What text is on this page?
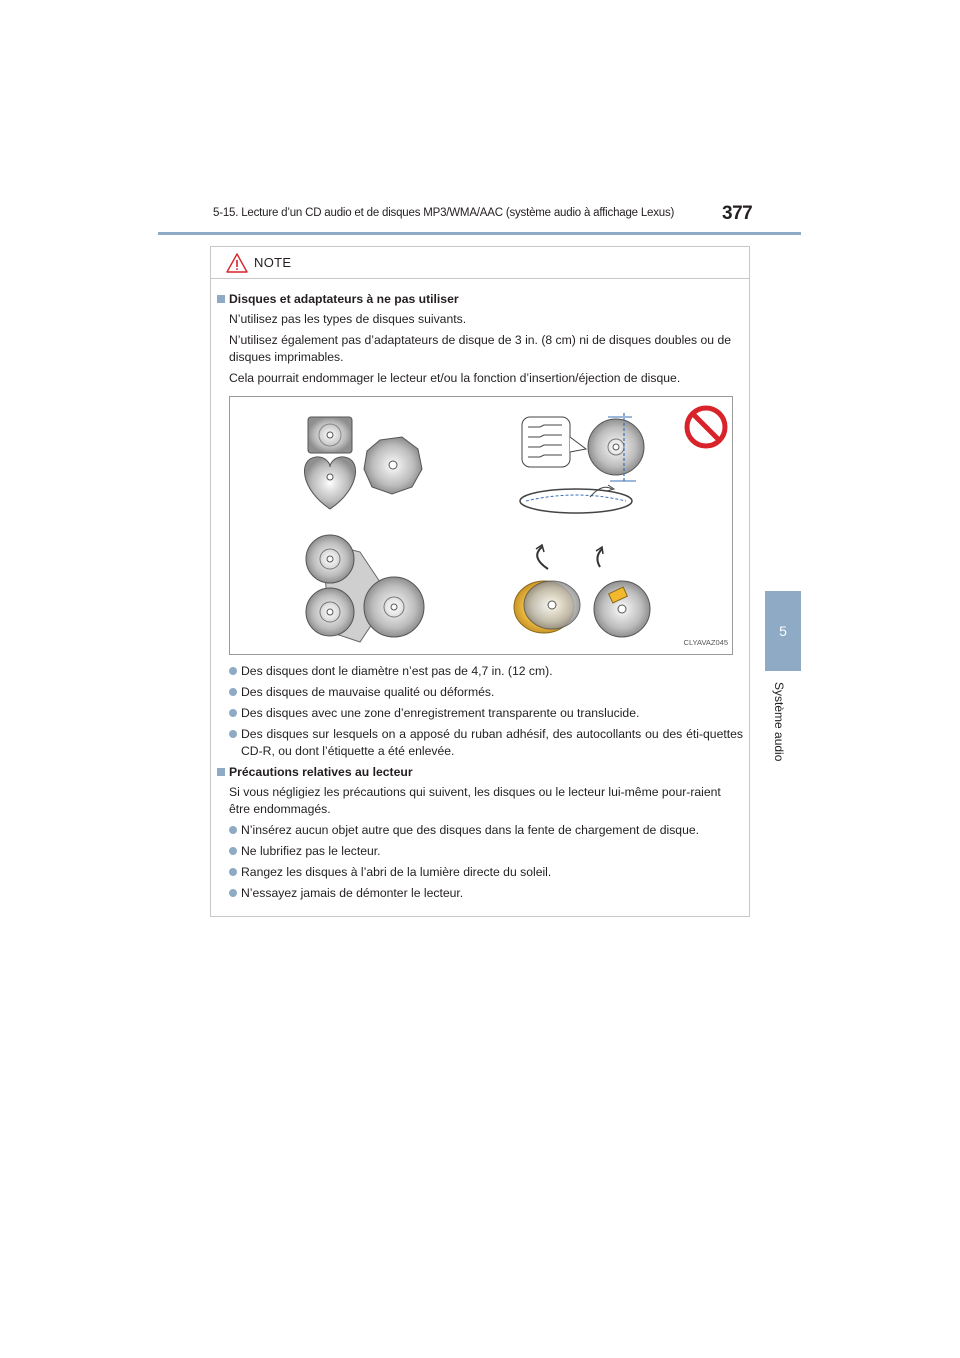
5-15. Lecture d’un CD audio et de disques MP3/WMA/AAC (système audio à affichage Lexus)	377
5
Système audio
NOTE
Disques et adaptateurs à ne pas utiliser
N’utilisez pas les types de disques suivants.
N’utilisez également pas d’adaptateurs de disque de 3 in. (8 cm) ni de disques doubles ou de disques imprimables.
Cela pourrait endommager le lecteur et/ou la fonction d’insertion/éjection de disque.
CLYAVAZ045
Des disques dont le diamètre n’est pas de 4,7 in. (12 cm).
Des disques de mauvaise qualité ou déformés.
Des disques avec une zone d’enregistrement transparente ou translucide.
Des disques sur lesquels on a apposé du ruban adhésif, des autocollants ou des éti-quettes CD-R, ou dont l’étiquette a été enlevée.
Précautions relatives au lecteur
Si vous négligiez les précautions qui suivent, les disques ou le lecteur lui-même pour-raient être endommagés.
N’insérez aucun objet autre que des disques dans la fente de chargement de disque.
Ne lubrifiez pas le lecteur.
Rangez les disques à l’abri de la lumière directe du soleil.
N’essayez jamais de démonter le lecteur.
